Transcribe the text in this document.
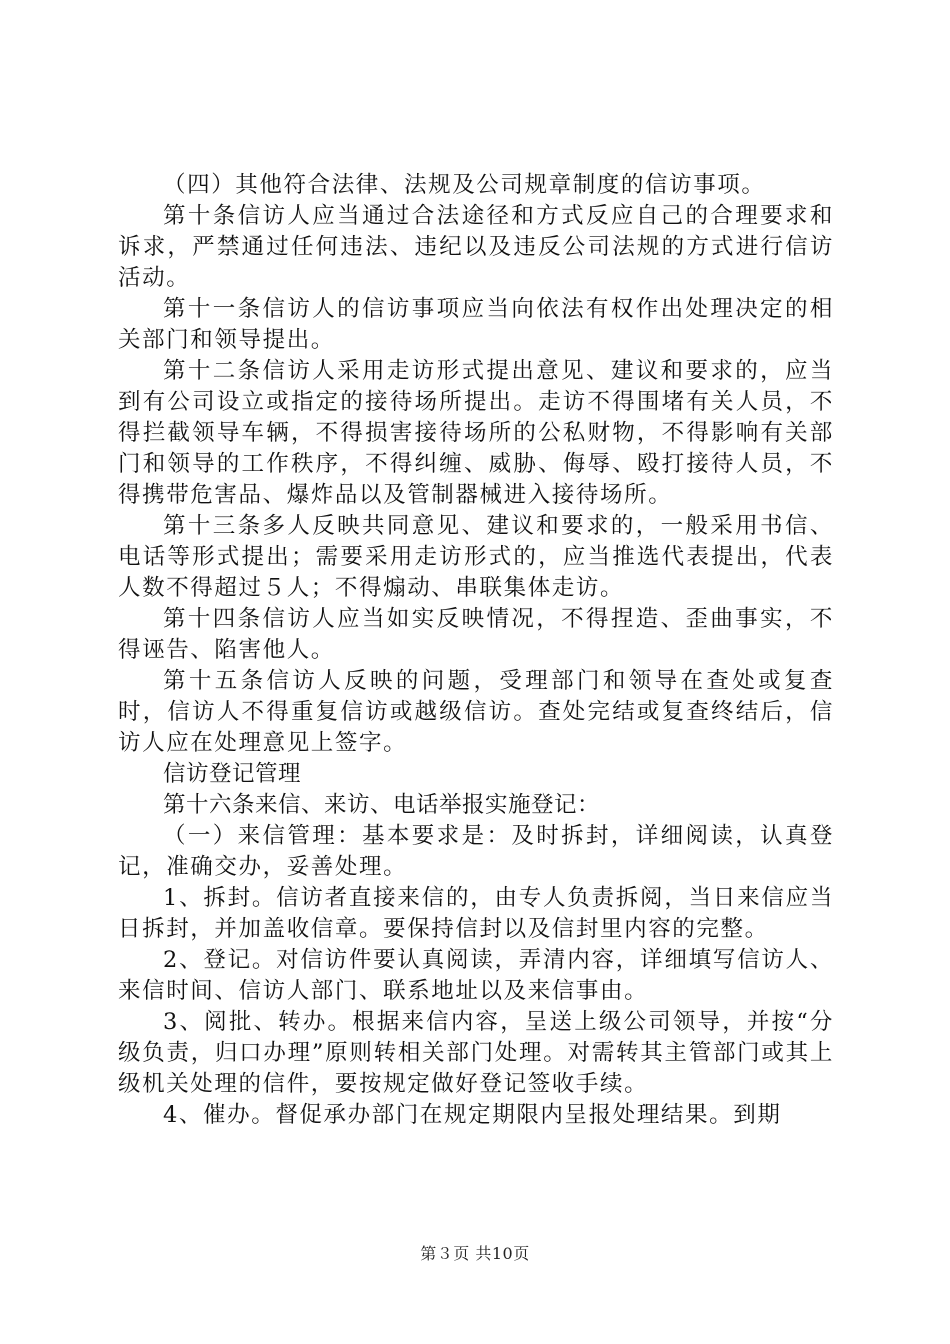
（四）其他符合法律、法规及公司规章制度的信访事项。

第十条信访人应当通过合法途径和方式反应自己的合理要求和诉求，严禁通过任何违法、违纪以及违反公司法规的方式进行信访活动。

第十一条信访人的信访事项应当向依法有权作出处理决定的相关部门和领导提出。

第十二条信访人采用走访形式提出意见、建议和要求的，应当到有公司设立或指定的接待场所提出。走访不得围堵有关人员，不得拦截领导车辆，不得损害接待场所的公私财物，不得影响有关部门和领导的工作秩序，不得纠缠、威胁、侮辱、殴打接待人员，不得携带危害品、爆炸品以及管制器械进入接待场所。

第十三条多人反映共同意见、建议和要求的，一般采用书信、电话等形式提出；需要采用走访形式的，应当推选代表提出，代表人数不得超过５人；不得煽动、串联集体走访。

第十四条信访人应当如实反映情况，不得捏造、歪曲事实，不得诬告、陷害他人。

第十五条信访人反映的问题，受理部门和领导在查处或复查时，信访人不得重复信访或越级信访。查处完结或复查终结后，信访人应在处理意见上签字。

信访登记管理

第十六条来信、来访、电话举报实施登记：

（一）来信管理：基本要求是：及时拆封，详细阅读，认真登记，准确交办，妥善处理。

1、拆封。信访者直接来信的，由专人负责拆阅，当日来信应当日拆封，并加盖收信章。要保持信封以及信封里内容的完整。

2、登记。对信访件要认真阅读，弄清内容，详细填写信访人、来信时间、信访人部门、联系地址以及来信事由。

3、阅批、转办。根据来信内容，呈送上级公司领导，并按“分级负责，归口办理”原则转相关部门处理。对需转其主管部门或其上级机关处理的信件，要按规定做好登记签收手续。

4、催办。督促承办部门在规定期限内呈报处理结果。到期

第３页 共10页
